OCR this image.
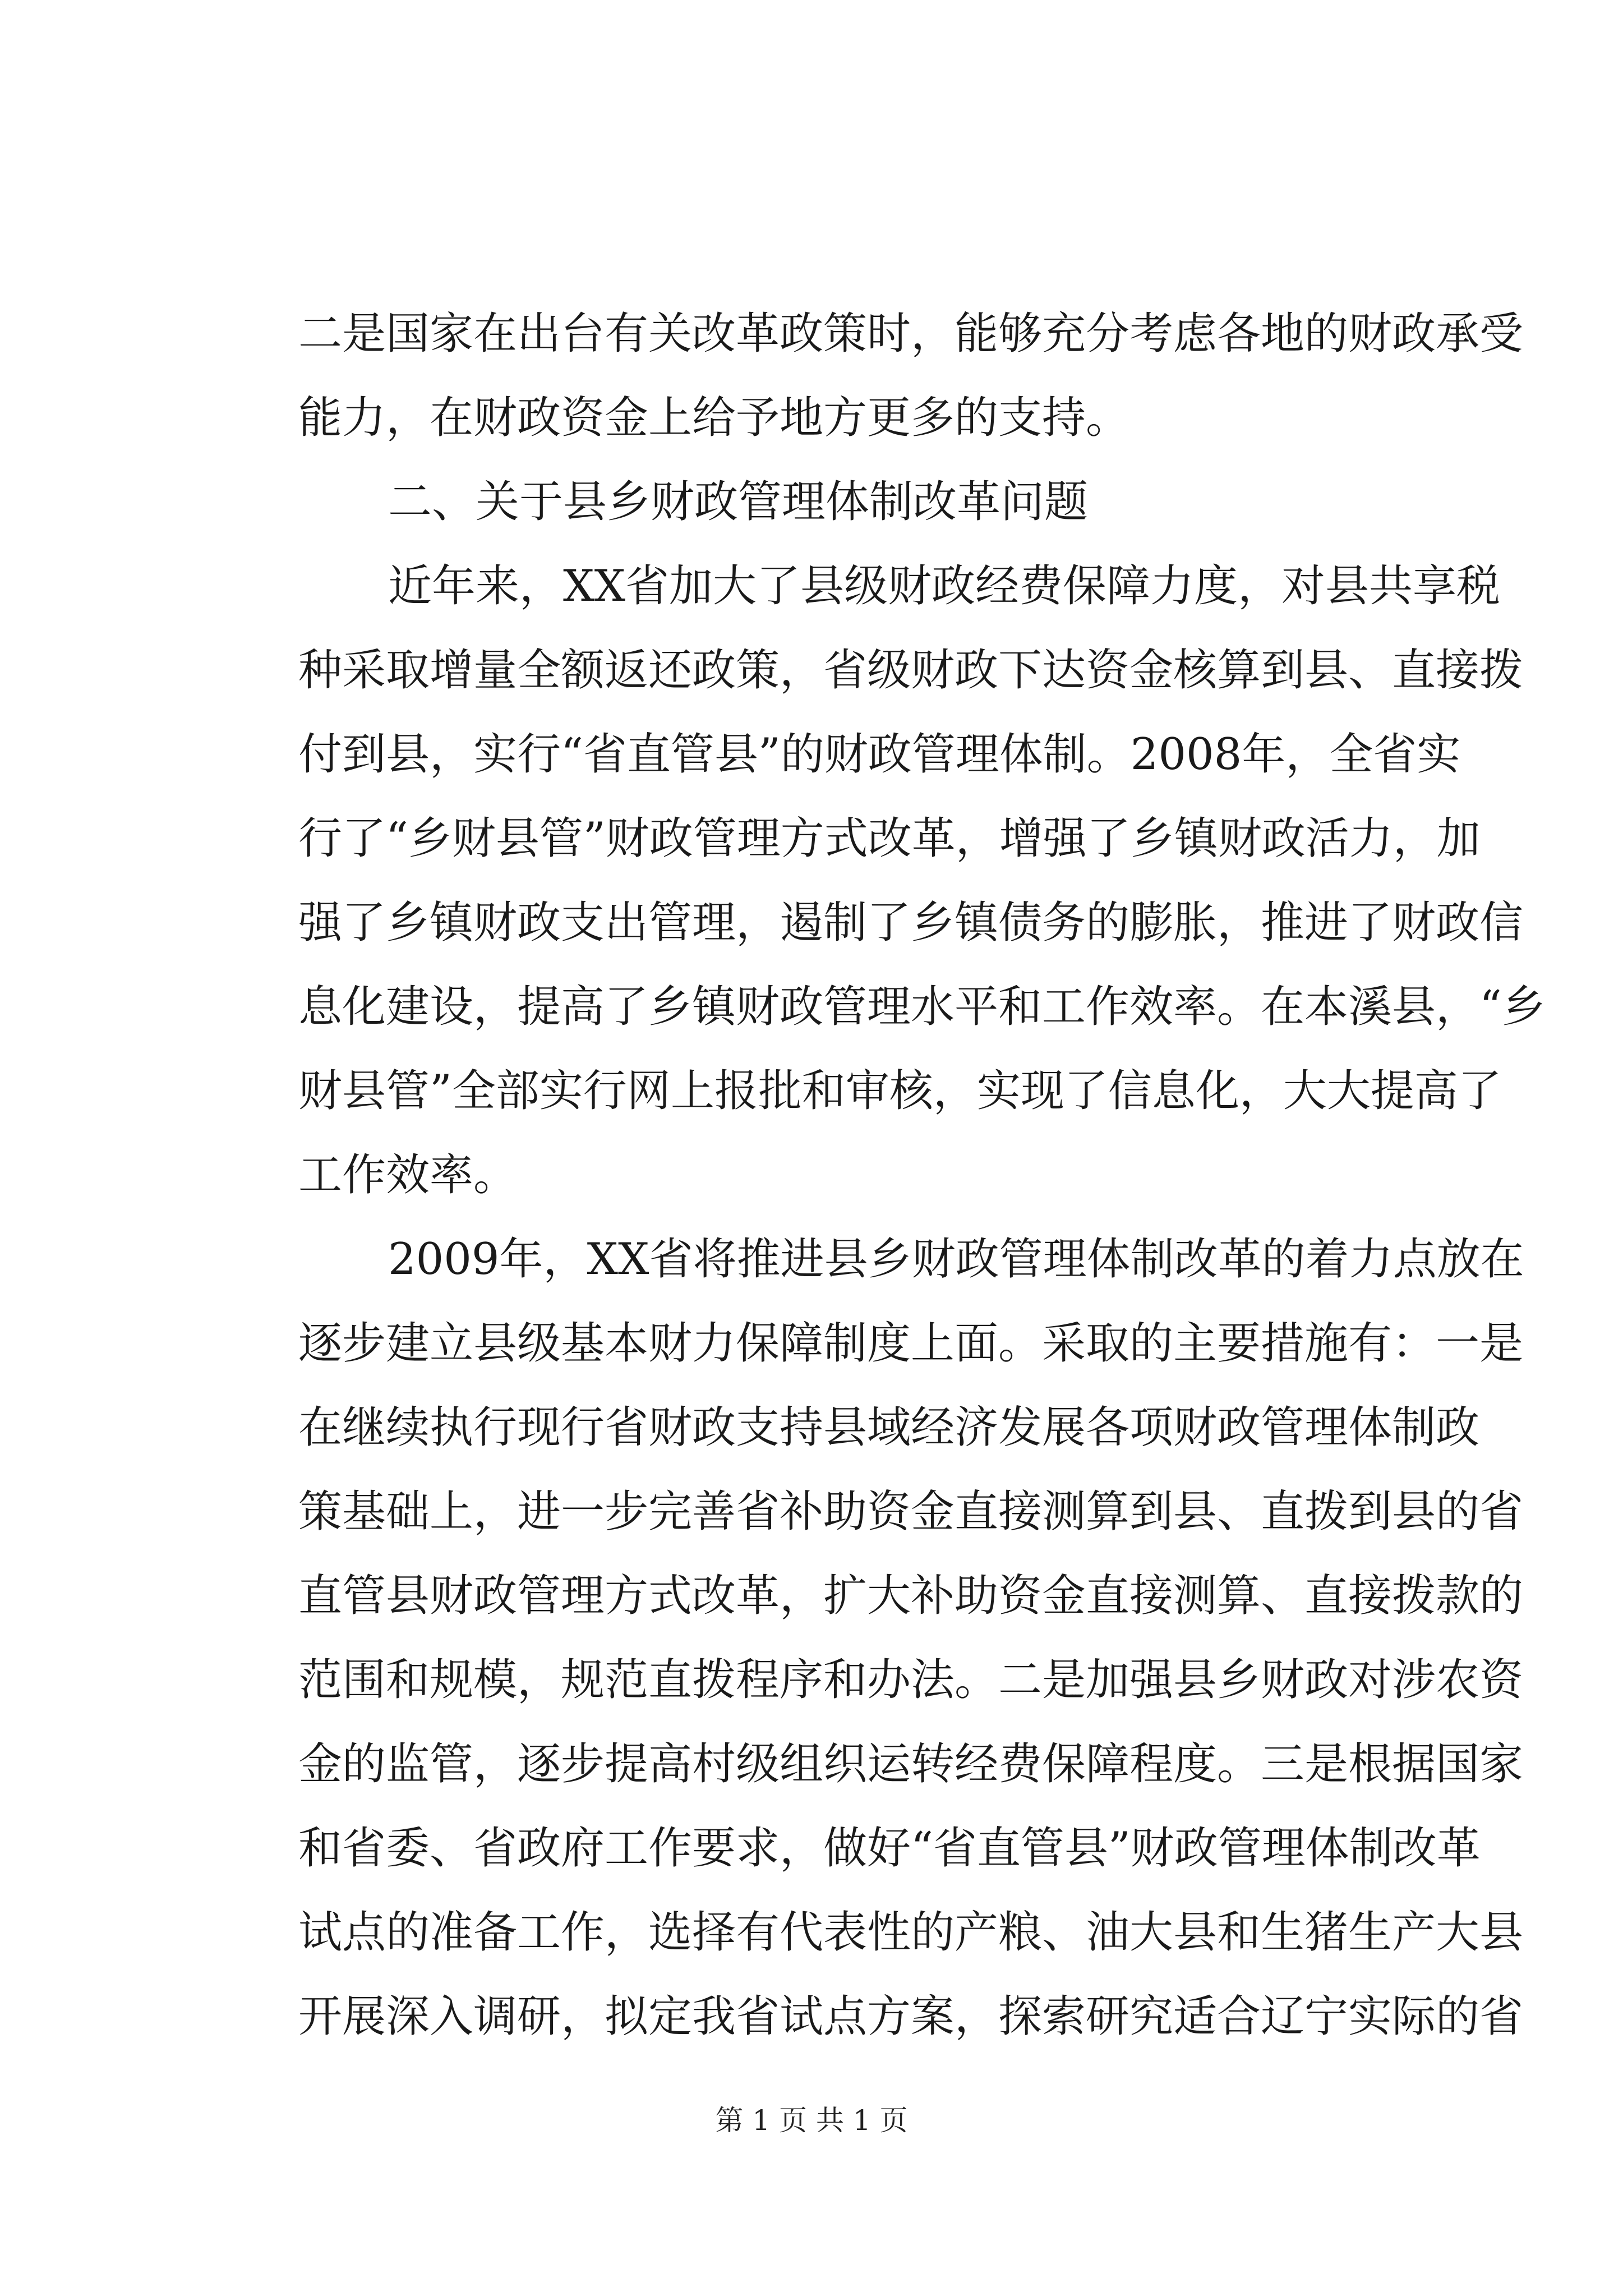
二是国家在出台有关改革政策时，能够充分考虑各地的财政承受
能力，在财政资金上给予地方更多的支持。
二、关于县乡财政管理体制改革问题
近年来，XX省加大了县级财政经费保障力度，对县共享税
种采取增量全额返还政策，省级财政下达资金核算到县、直接拨
付到县，实行“省直管县”的财政管理体制。2008年，全省实
行了“乡财县管”财政管理方式改革，增强了乡镇财政活力，加
强了乡镇财政支出管理，遏制了乡镇债务的膨胀，推进了财政信
息化建设，提高了乡镇财政管理水平和工作效率。在本溪县，“乡
财县管”全部实行网上报批和审核，实现了信息化，大大提高了
工作效率。
2009年，XX省将推进县乡财政管理体制改革的着力点放在
逐步建立县级基本财力保障制度上面。采取的主要措施有：一是
在继续执行现行省财政支持县域经济发展各项财政管理体制政
策基础上，进一步完善省补助资金直接测算到县、直拨到县的省
直管县财政管理方式改革，扩大补助资金直接测算、直接拨款的
范围和规模，规范直拨程序和办法。二是加强县乡财政对涉农资
金的监管，逐步提高村级组织运转经费保障程度。三是根据国家
和省委、省政府工作要求，做好“省直管县”财政管理体制改革
试点的准备工作，选择有代表性的产粮、油大县和生猪生产大县
开展深入调研，拟定我省试点方案，探索研究适合辽宁实际的省
第 1 页 共 1 页
